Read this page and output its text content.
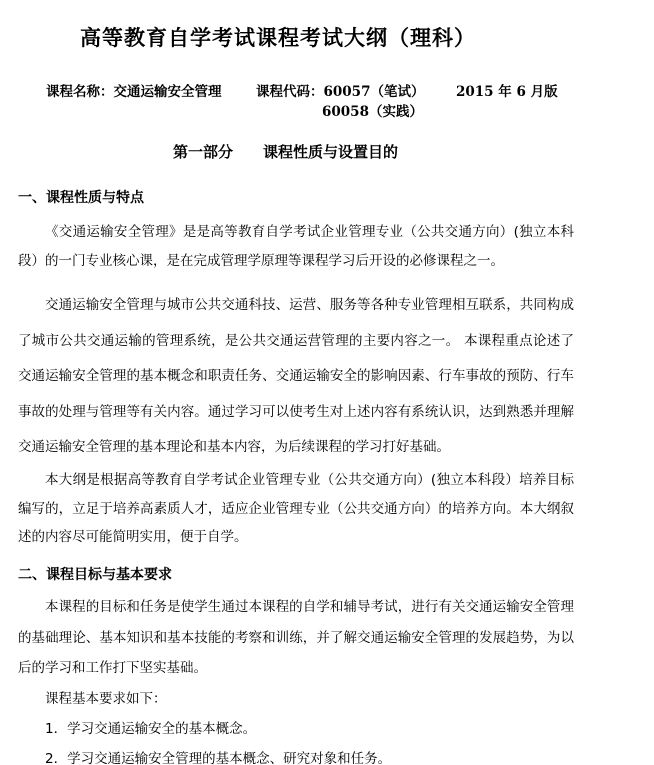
高等教育自学考试课程考试大纲（理科）
课程名称：交通运输安全管理	课程代码：60057（笔试） 2015 年 6 月版
60058（实践）
第一部分 课程性质与设置目的
一、课程性质与特点
《交通运输安全管理》是是高等教育自学考试企业管理专业（公共交通方向）(独立本科段）的一门专业核心课，是在完成管理学原理等课程学习后开设的必修课程之一。
交通运输安全管理与城市公共交通科技、运营、服务等各种专业管理相互联系，共同构成了城市公共交通运输的管理系统，是公共交通运营管理的主要内容之一。 本课程重点论述了交通运输安全管理的基本概念和职责任务、交通运输安全的影响因素、行车事故的预防、行车事故的处理与管理等有关内容。通过学习可以使考生对上述内容有系统认识，达到熟悉并理解交通运输安全管理的基本理论和基本内容，为后续课程的学习打好基础。
本大纲是根据高等教育自学考试企业管理专业（公共交通方向）(独立本科段）培养目标编写的，立足于培养高素质人才，适应企业管理专业（公共交通方向）的培养方向。本大纲叙述的内容尽可能简明实用，便于自学。
二、课程目标与基本要求
本课程的目标和任务是使学生通过本课程的自学和辅导考试，进行有关交通运输安全管理的基础理论、基本知识和基本技能的考察和训练，并了解交通运输安全管理的发展趋势，为以后的学习和工作打下坚实基础。
课程基本要求如下：
1．学习交通运输安全的基本概念。
2．学习交通运输安全管理的基本概念、研究对象和任务。
